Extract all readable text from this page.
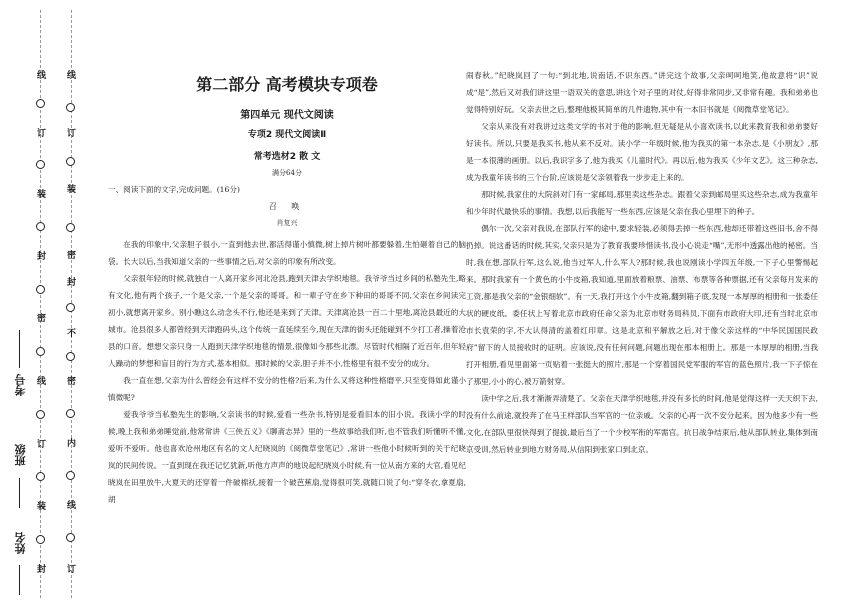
线
订
装
封
密
线
订
装
封
线
订
装
密
封
不
密
内
线
订
考号
班级
姓名
第二部分 高考模块专项卷
第四单元 现代文阅读
专项2 现代文阅读Ⅱ
常考选材2 散 文
满分64分
一、阅读下面的文字,完成问题。(16分)
召 唤
肖复兴

在我的印象中,父亲胆子很小,一直到他去世,都活得谨小慎微,树上掉片树叶都要躲着,生怕砸着自己的脑袋。长大以后,当我知道父亲的一些事情之后,对父亲的印象有所改变。

父亲很年轻的时候,就独自一人离开家乡河北沧县,跑到天津去学织地毯。我爷爷当过乡间的私塾先生,略有文化,他有两个孩子,一个是父亲,一个是父亲的哥哥。和一辈子守在乡下种田的哥哥不同,父亲在乡间读完初小,就想离开家乡。别小瞧这么动念头不行,他还是来到了天津。天津离沧县一百二十里地,离沧县最近的大城市。沧县很多人都曾经到天津跑码头,这个传统一直延续至今,现在天津的街头还能碰到不少打工者,操着沧县的口音。想想父亲只身一人跑到天津学织地毯的情景,很像如今那些北漂。尽管时代相隔了近百年,但年轻人躁动的梦想和盲目的行为方式,基本相似。那时候的父亲,胆子并不小,性格里有很不安分的成分。

我一直在想,父亲为什么曾经会有这样不安分的性格?后来,为什么又将这种性格磨平,只至变得如此谨小慎微呢?

爱我爷爷当私塾先生的影响,父亲读书的时候,爱看一些杂书,特别是爱看旧本的旧小说。我读小学的时候,晚上我和弟弟睡觉前,他常常讲《三侠五义》《聊斋志异》里的一些故事给我们听,也不管我们听懂听不懂,爱听不爱听。他也喜欢沧州地区有名的文人纪晓岚的《阅微草堂笔记》,常讲一些他小时候听到的关于纪晓岚的民间传说。一直到现在我还记忆犹新,听他方声声的地说起纪晓岚小时候,有一位从南方来的大官,看见纪晓岚在田里放牛,大夏天的还穿着一件破棉袄,接着一个破芭蕉扇,觉得很可笑,就随口说了句:“穿冬衣,拿夏扇,胡

闹春秋。”纪晓岚回了一句:“到北地,说南话,不识东西。”讲完这个故事,父亲呵呵地笑,他故意将“识”说成“是”,然后又对我们讲这里一语双关的意思,讲这个对子里的对仗,好得非常同步,又非常有趣。我和弟弟也觉得特别好玩。父亲去世之后,整理他极其简单的几件遗物,其中有一本旧书就是《阅微草堂笔记》。

父亲从来没有对我讲过这类文学的书对于他的影响,但无疑是从小喜欢读书,以此来教育我和弟弟要好好读书。所以,只要是我买书,他从来不反对。读小学一年级时候,他为我买的第一本杂志,是《小朋友》,那是一本很薄的画册。以后,我识字多了,他为我买《儿童时代》。再以后,他为我买《少年文艺》。这三种杂志,成为我童年读书的三个台阶,应该说是父亲领着我一步步走上来的。

那时候,我家住的大院斜对门有一家邮局,那里卖这些杂志。跟着父亲到邮局里买这些杂志,成为我童年和少年时代最快乐的事情。我想,以后我能写一些东西,应该是父亲在我心里埋下的种子。

偶尔一次,父亲对我说,在部队行军的途中,要求轻装,必须得丢掉一些东西,他却还带着这些旧书,舍不得扔掉。说这番话的时候,其实,父亲只是为了教育我要珍惜读书,没小心说走“嘴”,无形中透露出他的秘密。当时,我在想,部队行军,这么说,他当过军人,什么军人?那时候,我也说刚读小学四五年级,一下子心里警惕起来。那时我家有一个黄色的小牛皮箱,我知道,里面放着粮票、油票、布票等各种票据,还有父亲每月发来的工资,都是我父亲的“金银细软”。有一天,我打开这个小牛皮箱,翻到箱子底,发现一本厚厚的相册和一张委任状的硬皮纸。委任状上写着北京市政府任命父亲为北京市财务局科员,下面有市政府大印,还有当时北京市市长袁荣的字,不大认得清的盖着红印章。这是北京和平解放之后,对于像父亲这样的“中华民国国民政府”留下的人员接收时的证明。应该说,没有任何问题,问题出现在那本相册上。那是一本厚厚的相册,当我打开相册,看见里面第一页贴着一张挺大的照片,那是一个穿着国民党军服的军官的蓝色照片,我一下子惊在了那里,小小的心,被万箭射穿。

读中学之后,我才渐渐弄清楚了。父亲在天津学织地毯,并没有多长的时间,他是觉得这样一天天织下去,没有什么前途,就投奔了在马王样部队当军官的一位亲戚。父亲的心再一次不安分起来。因为他多少有一些文化,在部队里很快得到了提拔,最后当了一个少校军衔的军需官。抗日战争结束后,他从部队转业,集体到南京受训,然后转业到地方财务局,从信阳到张家口到北京。
